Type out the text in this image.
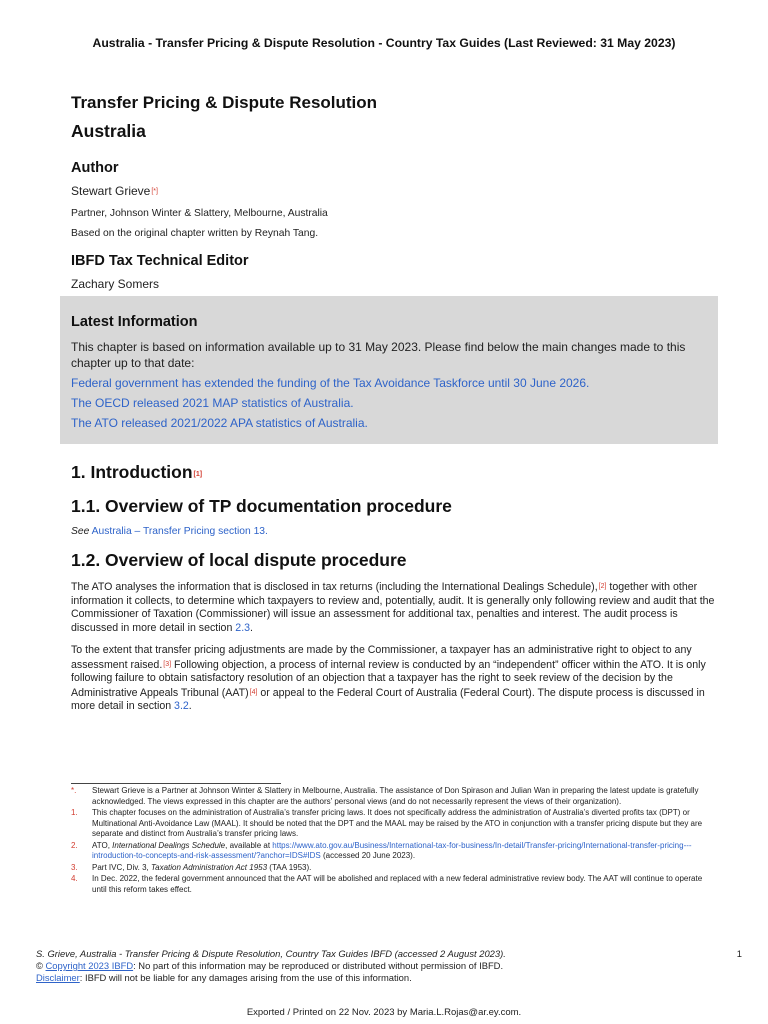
Australia - Transfer Pricing & Dispute Resolution - Country Tax Guides (Last Reviewed: 31 May 2023)

Transfer Pricing & Dispute Resolution

Australia

Author

Stewart Grieve[*]

Partner, Johnson Winter & Slattery, Melbourne, Australia

Based on the original chapter written by Reynah Tang.

IBFD Tax Technical Editor

Zachary Somers

Latest Information

This chapter is based on information available up to 31 May 2023. Please find below the main changes made to this chapter up to that date:

Federal government has extended the funding of the Tax Avoidance Taskforce until 30 June 2026.

The OECD released 2021 MAP statistics of Australia.

The ATO released 2021/2022 APA statistics of Australia.

1. Introduction[1]

1.1. Overview of TP documentation procedure

See Australia – Transfer Pricing section 13.

1.2. Overview of local dispute procedure

The ATO analyses the information that is disclosed in tax returns (including the International Dealings Schedule),[2] together with other information it collects, to determine which taxpayers to review and, potentially, audit. It is generally only following review and audit that the Commissioner of Taxation (Commissioner) will issue an assessment for additional tax, penalties and interest. The audit process is discussed in more detail in section 2.3.

To the extent that transfer pricing adjustments are made by the Commissioner, a taxpayer has an administrative right to object to any assessment raised.[3] Following objection, a process of internal review is conducted by an “independent” officer within the ATO. It is only following failure to obtain satisfactory resolution of an objection that a taxpayer has the right to seek review of the decision by the Administrative Appeals Tribunal (AAT)[4] or appeal to the Federal Court of Australia (Federal Court). The dispute process is discussed in more detail in section 3.2.

*.	Stewart Grieve is a Partner at Johnson Winter & Slattery in Melbourne, Australia. The assistance of Don Spirason and Julian Wan in preparing the latest update is gratefully acknowledged. The views expressed in this chapter are the authors’ personal views (and do not necessarily represent the views of their organization).
1.	This chapter focuses on the administration of Australia’s transfer pricing laws. It does not specifically address the administration of Australia’s diverted profits tax (DPT) or Multinational Anti-Avoidance Law (MAAL). It should be noted that the DPT and the MAAL may be raised by the ATO in conjunction with a transfer pricing dispute but they are separate and distinct from Australia’s transfer pricing laws.
2.	ATO, International Dealings Schedule, available at https://www.ato.gov.au/Business/International-tax-for-business/In-detail/Transfer-pricing/International-transfer-pricing---introduction-to-concepts-and-risk-assessment/?anchor=IDS#IDS (accessed 20 June 2023).
3.	Part IVC, Div. 3, Taxation Administration Act 1953 (TAA 1953).
4.	In Dec. 2022, the federal government announced that the AAT will be abolished and replaced with a new federal administrative review body. The AAT will continue to operate until this reform takes effect.
S. Grieve, Australia - Transfer Pricing & Dispute Resolution, Country Tax Guides IBFD (accessed 2 August 2023).	1
© Copyright 2023 IBFD: No part of this information may be reproduced or distributed without permission of IBFD.
Disclaimer: IBFD will not be liable for any damages arising from the use of this information.
Exported / Printed on 22 Nov. 2023 by Maria.L.Rojas@ar.ey.com.
